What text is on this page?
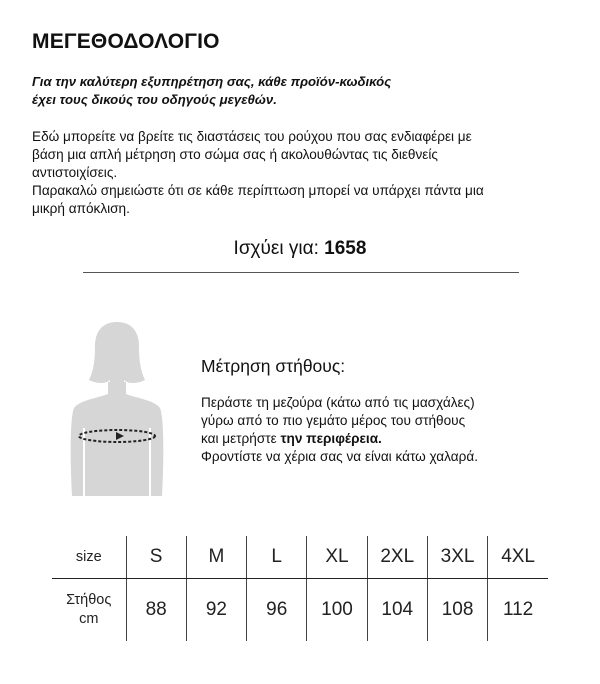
ΜΕΓΕΘΟΔΟΛΟΓΙΟ
Για την καλύτερη εξυπηρέτηση σας, κάθε προϊόν-κωδικός
έχει τους δικούς του οδηγούς μεγεθών.
Εδώ μπορείτε να βρείτε τις διαστάσεις του ρούχου που σας ενδιαφέρει με
βάση μια απλή μέτρηση στο σώμα σας ή ακολουθώντας τις διεθνείς
αντιστοιχίσεις.
Παρακαλώ σημειώστε ότι σε κάθε περίπτωση μπορεί να υπάρχει πάντα μια
μικρή απόκλιση.
Ισχύει για: 1658
Μέτρηση στήθους:
Περάστε τη μεζούρα (κάτω από τις μασχάλες)
γύρω από το πιο γεμάτο μέρος του στήθους
και μετρήστε την περιφέρεια.
Φροντίστε να χέρια σας να είναι κάτω χαλαρά.
size	S	M	L	XL	2XL	3XL	4XL

Στήθος
cm	88	92	96	100	104	108	112
